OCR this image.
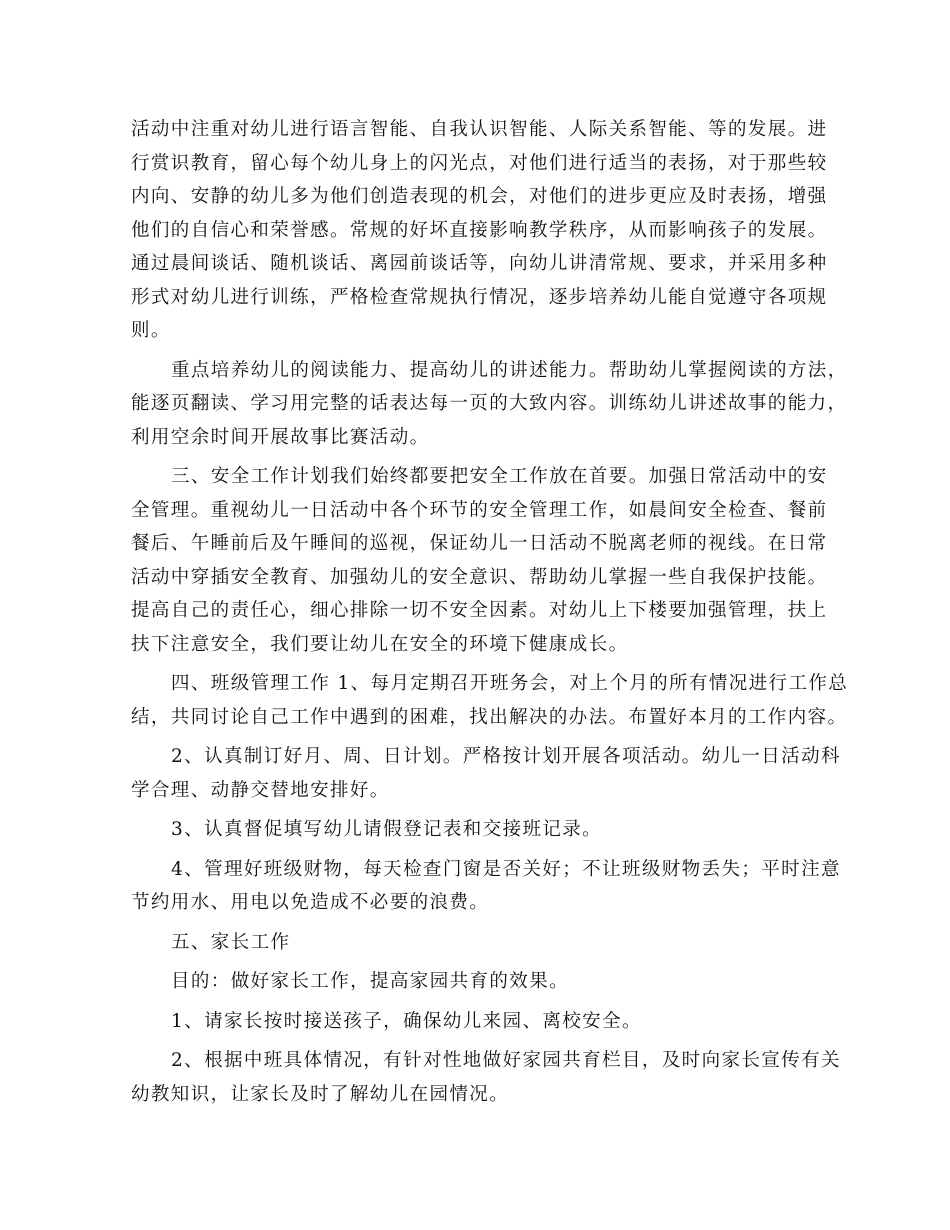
活动中注重对幼儿进行语言智能、自我认识智能、人际关系智能、等的发展。进
行赏识教育，留心每个幼儿身上的闪光点，对他们进行适当的表扬，对于那些较
内向、安静的幼儿多为他们创造表现的机会，对他们的进步更应及时表扬，增强
他们的自信心和荣誉感。常规的好坏直接影响教学秩序，从而影响孩子的发展。
通过晨间谈话、随机谈话、离园前谈话等，向幼儿讲清常规、要求，并采用多种
形式对幼儿进行训练，严格检查常规执行情况，逐步培养幼儿能自觉遵守各项规
则。
重点培养幼儿的阅读能力、提高幼儿的讲述能力。帮助幼儿掌握阅读的方法，
能逐页翻读、学习用完整的话表达每一页的大致内容。训练幼儿讲述故事的能力，
利用空余时间开展故事比赛活动。
三、安全工作计划我们始终都要把安全工作放在首要。加强日常活动中的安
全管理。重视幼儿一日活动中各个环节的安全管理工作，如晨间安全检查、餐前
餐后、午睡前后及午睡间的巡视，保证幼儿一日活动不脱离老师的视线。在日常
活动中穿插安全教育、加强幼儿的安全意识、帮助幼儿掌握一些自我保护技能。
提高自己的责任心，细心排除一切不安全因素。对幼儿上下楼要加强管理，扶上
扶下注意安全，我们要让幼儿在安全的环境下健康成长。
四、班级管理工作 1、每月定期召开班务会，对上个月的所有情况进行工作总
结，共同讨论自己工作中遇到的困难，找出解决的办法。布置好本月的工作内容。
2、认真制订好月、周、日计划。严格按计划开展各项活动。幼儿一日活动科
学合理、动静交替地安排好。
3、认真督促填写幼儿请假登记表和交接班记录。
4、管理好班级财物，每天检查门窗是否关好；不让班级财物丢失；平时注意
节约用水、用电以免造成不必要的浪费。
五、家长工作
目的：做好家长工作，提高家园共育的效果。
1、请家长按时接送孩子，确保幼儿来园、离校安全。
2、根据中班具体情况，有针对性地做好家园共育栏目，及时向家长宣传有关
幼教知识，让家长及时了解幼儿在园情况。
